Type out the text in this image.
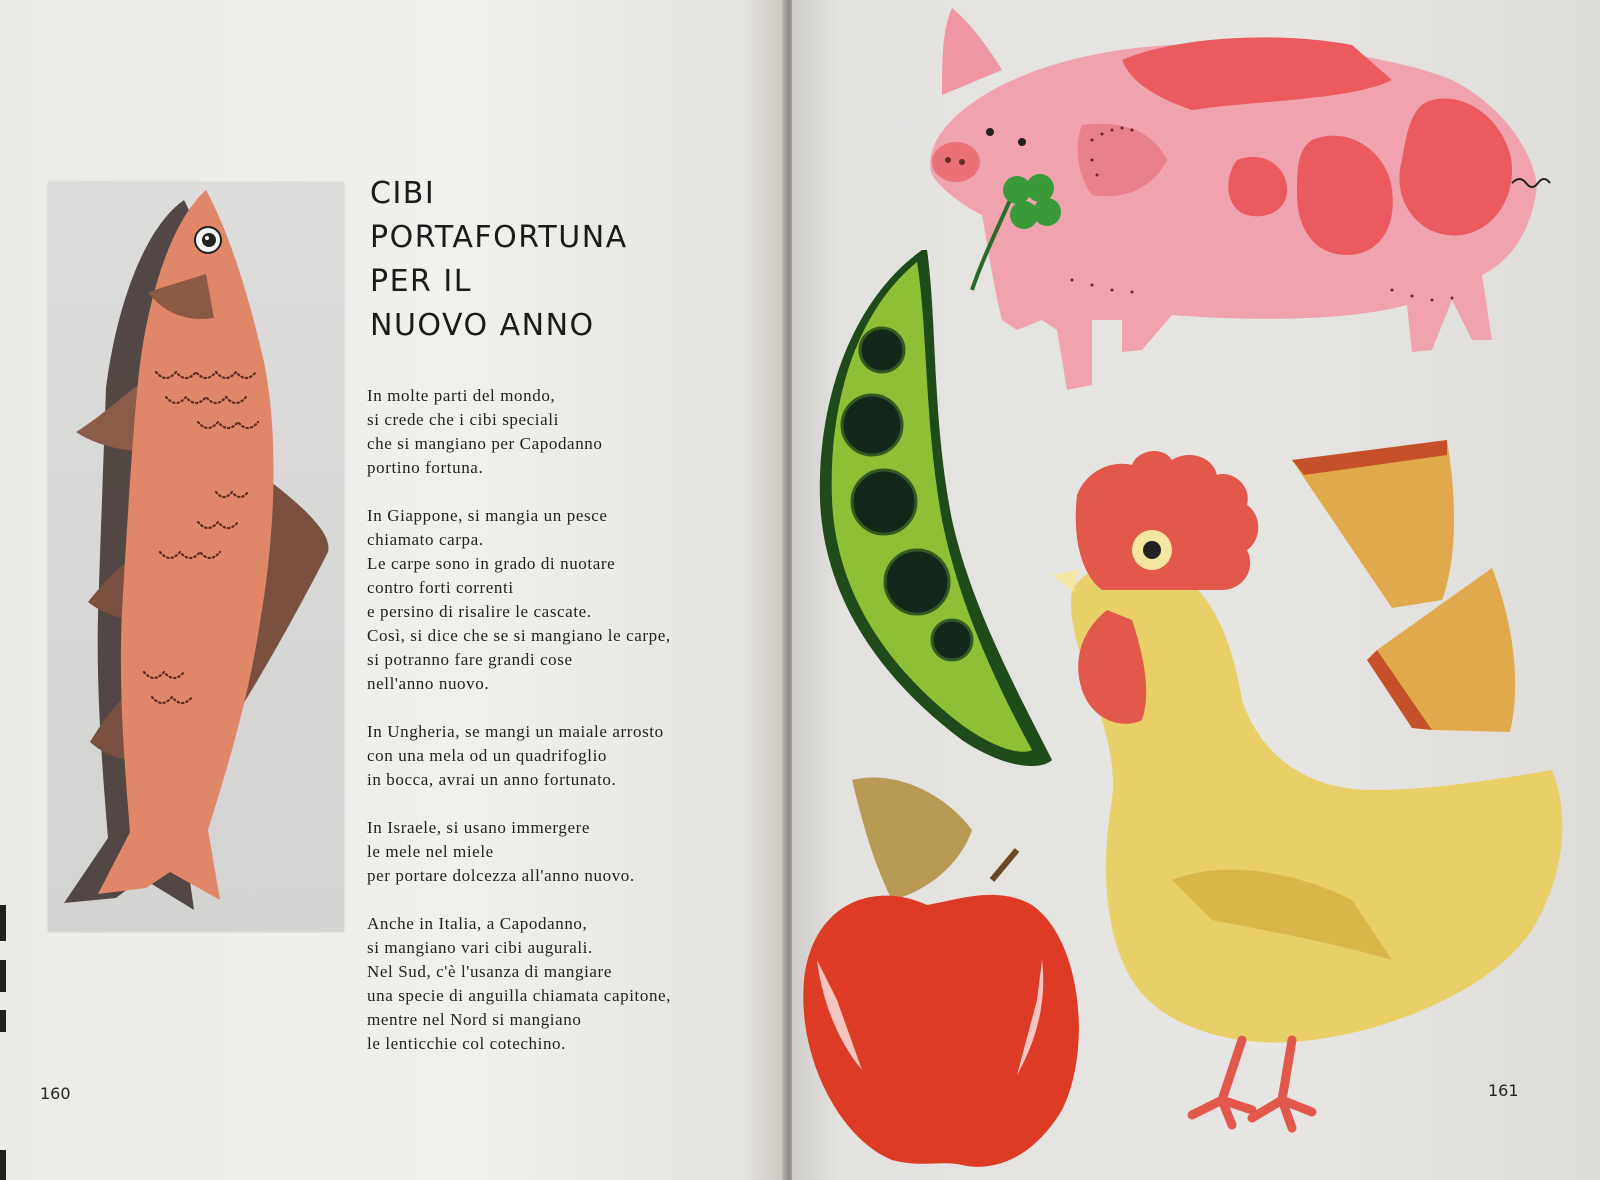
CIBI
PORTAFORTUNA
PER IL
NUOVO ANNO

In molte parti del mondo,
si crede che i cibi speciali
che si mangiano per Capodanno
portino fortuna.

In Giappone, si mangia un pesce
chiamato carpa.
Le carpe sono in grado di nuotare
contro forti correnti
e persino di risalire le cascate.
Così, si dice che se si mangiano le carpe,
si potranno fare grandi cose
nell'anno nuovo.

In Ungheria, se mangi un maiale arrosto
con una mela od un quadrifoglio
in bocca, avrai un anno fortunato.

In Israele, si usano immergere
le mele nel miele
per portare dolcezza all'anno nuovo.

Anche in Italia, a Capodanno,
si mangiano vari cibi augurali.
Nel Sud, c'è l'usanza di mangiare
una specie di anguilla chiamata capitone,
mentre nel Nord si mangiano
le lenticchie col cotechino.

160	161
